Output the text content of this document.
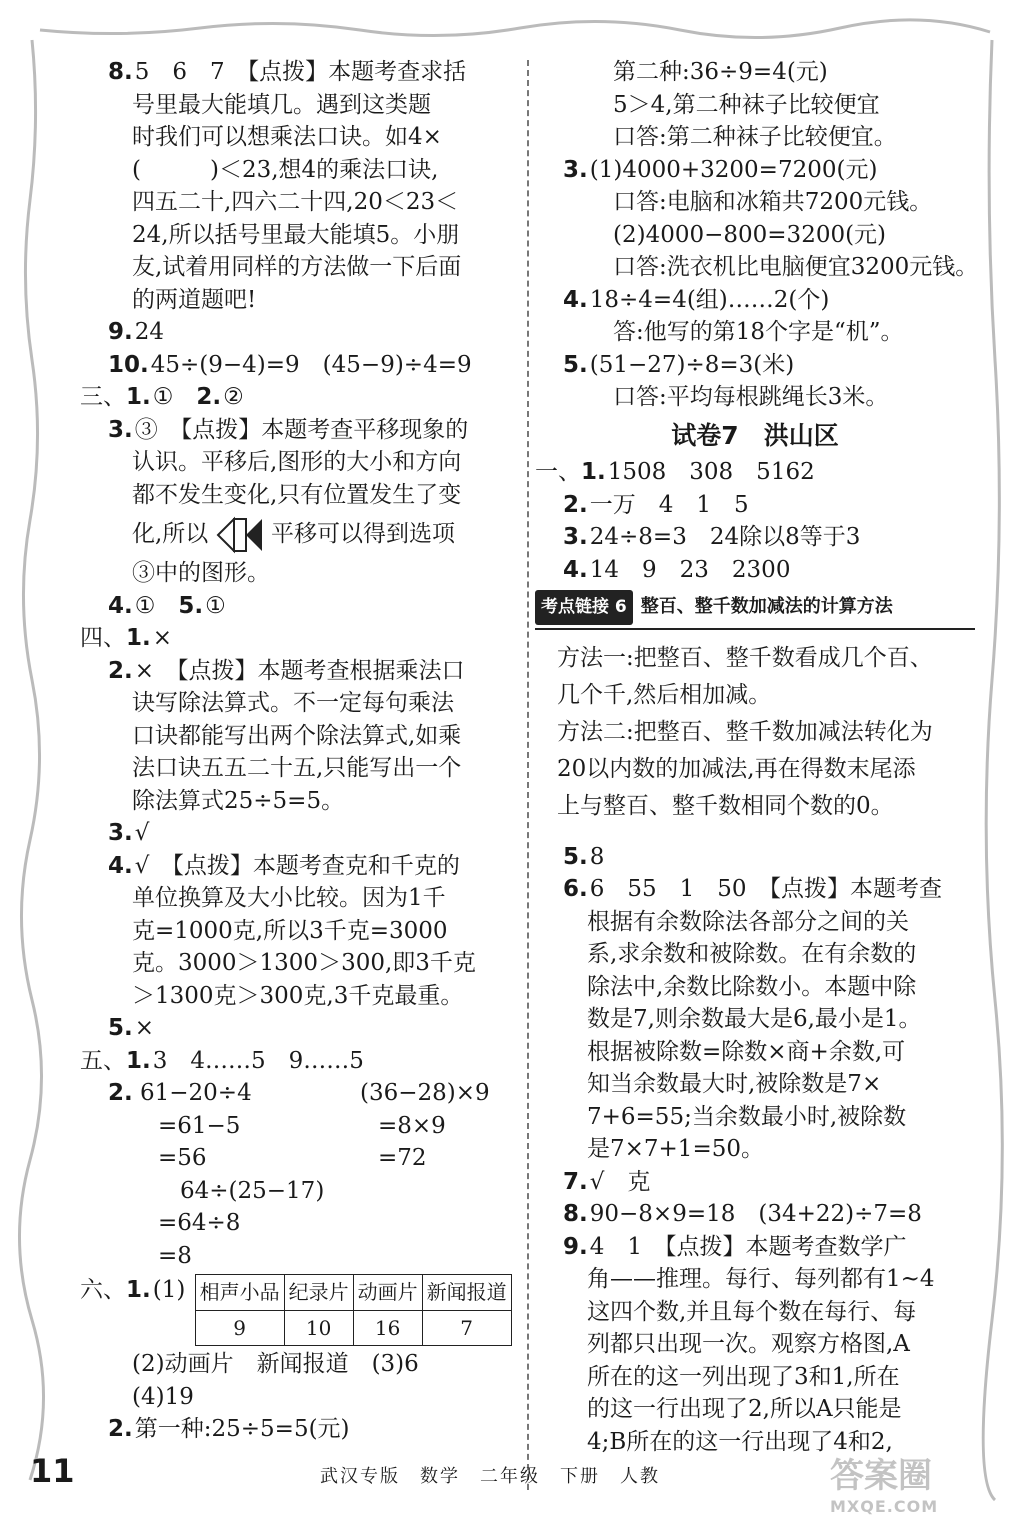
8.5　6　7　【点拨】本题考查求括
号里最大能填几。遇到这类题
时我们可以想乘法口诀。如4×
(　　　)＜23,想4的乘法口诀,
四五二十,四六二十四,20＜23＜
24,所以括号里最大能填5。小朋
友,试着用同样的方法做一下后面
的两道题吧!
9.24
10.45÷(9−4)=9　(45−9)÷4=9
三、1.①　 2.②
3.③　【点拨】本题考查平移现象的
认识。平移后,图形的大小和方向
都不发生变化,只有位置发生了变
化,所以	平移可以得到选项
③中的图形。
4.①　 5.①
四、1.×
2.×　【点拨】本题考查根据乘法口
诀写除法算式。不一定每句乘法
口诀都能写出两个除法算式,如乘
法口诀五五二十五,只能写出一个
除法算式25÷5=5。
3.√
4.√　【点拨】本题考查克和千克的
单位换算及大小比较。因为1千
克=1000克,所以3千克=3000
克。3000＞1300＞300,即3千克
＞1300克＞300克,3千克最重。
5.×
五、1.3　4……5　9……5
2. 61−20÷4	(36−28)×9
=61−5	=8×9
=56	=72
64÷(25−17)
=64÷8
=8
六、1.(1) 相声小品	纪录片	动画片	新闻报道
9	10	16	7
(2)动画片　新闻报道　(3)6
(4)19
2.第一种:25÷5=5(元)
第二种:36÷9=4(元)
5＞4,第二种袜子比较便宜
口答:第二种袜子比较便宜。
3.(1)4000+3200=7200(元)
口答:电脑和冰箱共7200元钱。
(2)4000−800=3200(元)
口答:洗衣机比电脑便宜3200元钱。
4.18÷4=4(组)……2(个)
答:他写的第18个字是“机”。
5.(51−27)÷8=3(米)
口答:平均每根跳绳长3米。
试卷7　洪山区
一、1.1508　308　5162
2.一万　4　1　5
3.24÷8=3　24除以8等于3
4.14　9　23　2300
考点链接 6 整百、整千数加减法的计算方法
方法一:把整百、整千数看成几个百、
几个千,然后相加减。
方法二:把整百、整千数加减法转化为
20以内数的加减法,再在得数末尾添
上与整百、整千数相同个数的0。
5.8
6.6　55　1　50　【点拨】本题考查
根据有余数除法各部分之间的关
系,求余数和被除数。在有余数的
除法中,余数比除数小。本题中除
数是7,则余数最大是6,最小是1。
根据被除数=除数×商+余数,可
知当余数最大时,被除数是7×
7+6=55;当余数最小时,被除数
是7×7+1=50。
7.√　克
8.90−8×9=18　(34+22)÷7=8
9.4　1　【点拨】本题考查数学广
角——推理。每行、每列都有1~4
这四个数,并且每个数在每行、每
列都只出现一次。观察方格图,A
所在的这一列出现了3和1,所在
的这一行出现了2,所以A只能是
4;B所在的这一行出现了4和2,
11	武汉专版　数学　二年级　下册　人教	答案圈
MXQE.COM
